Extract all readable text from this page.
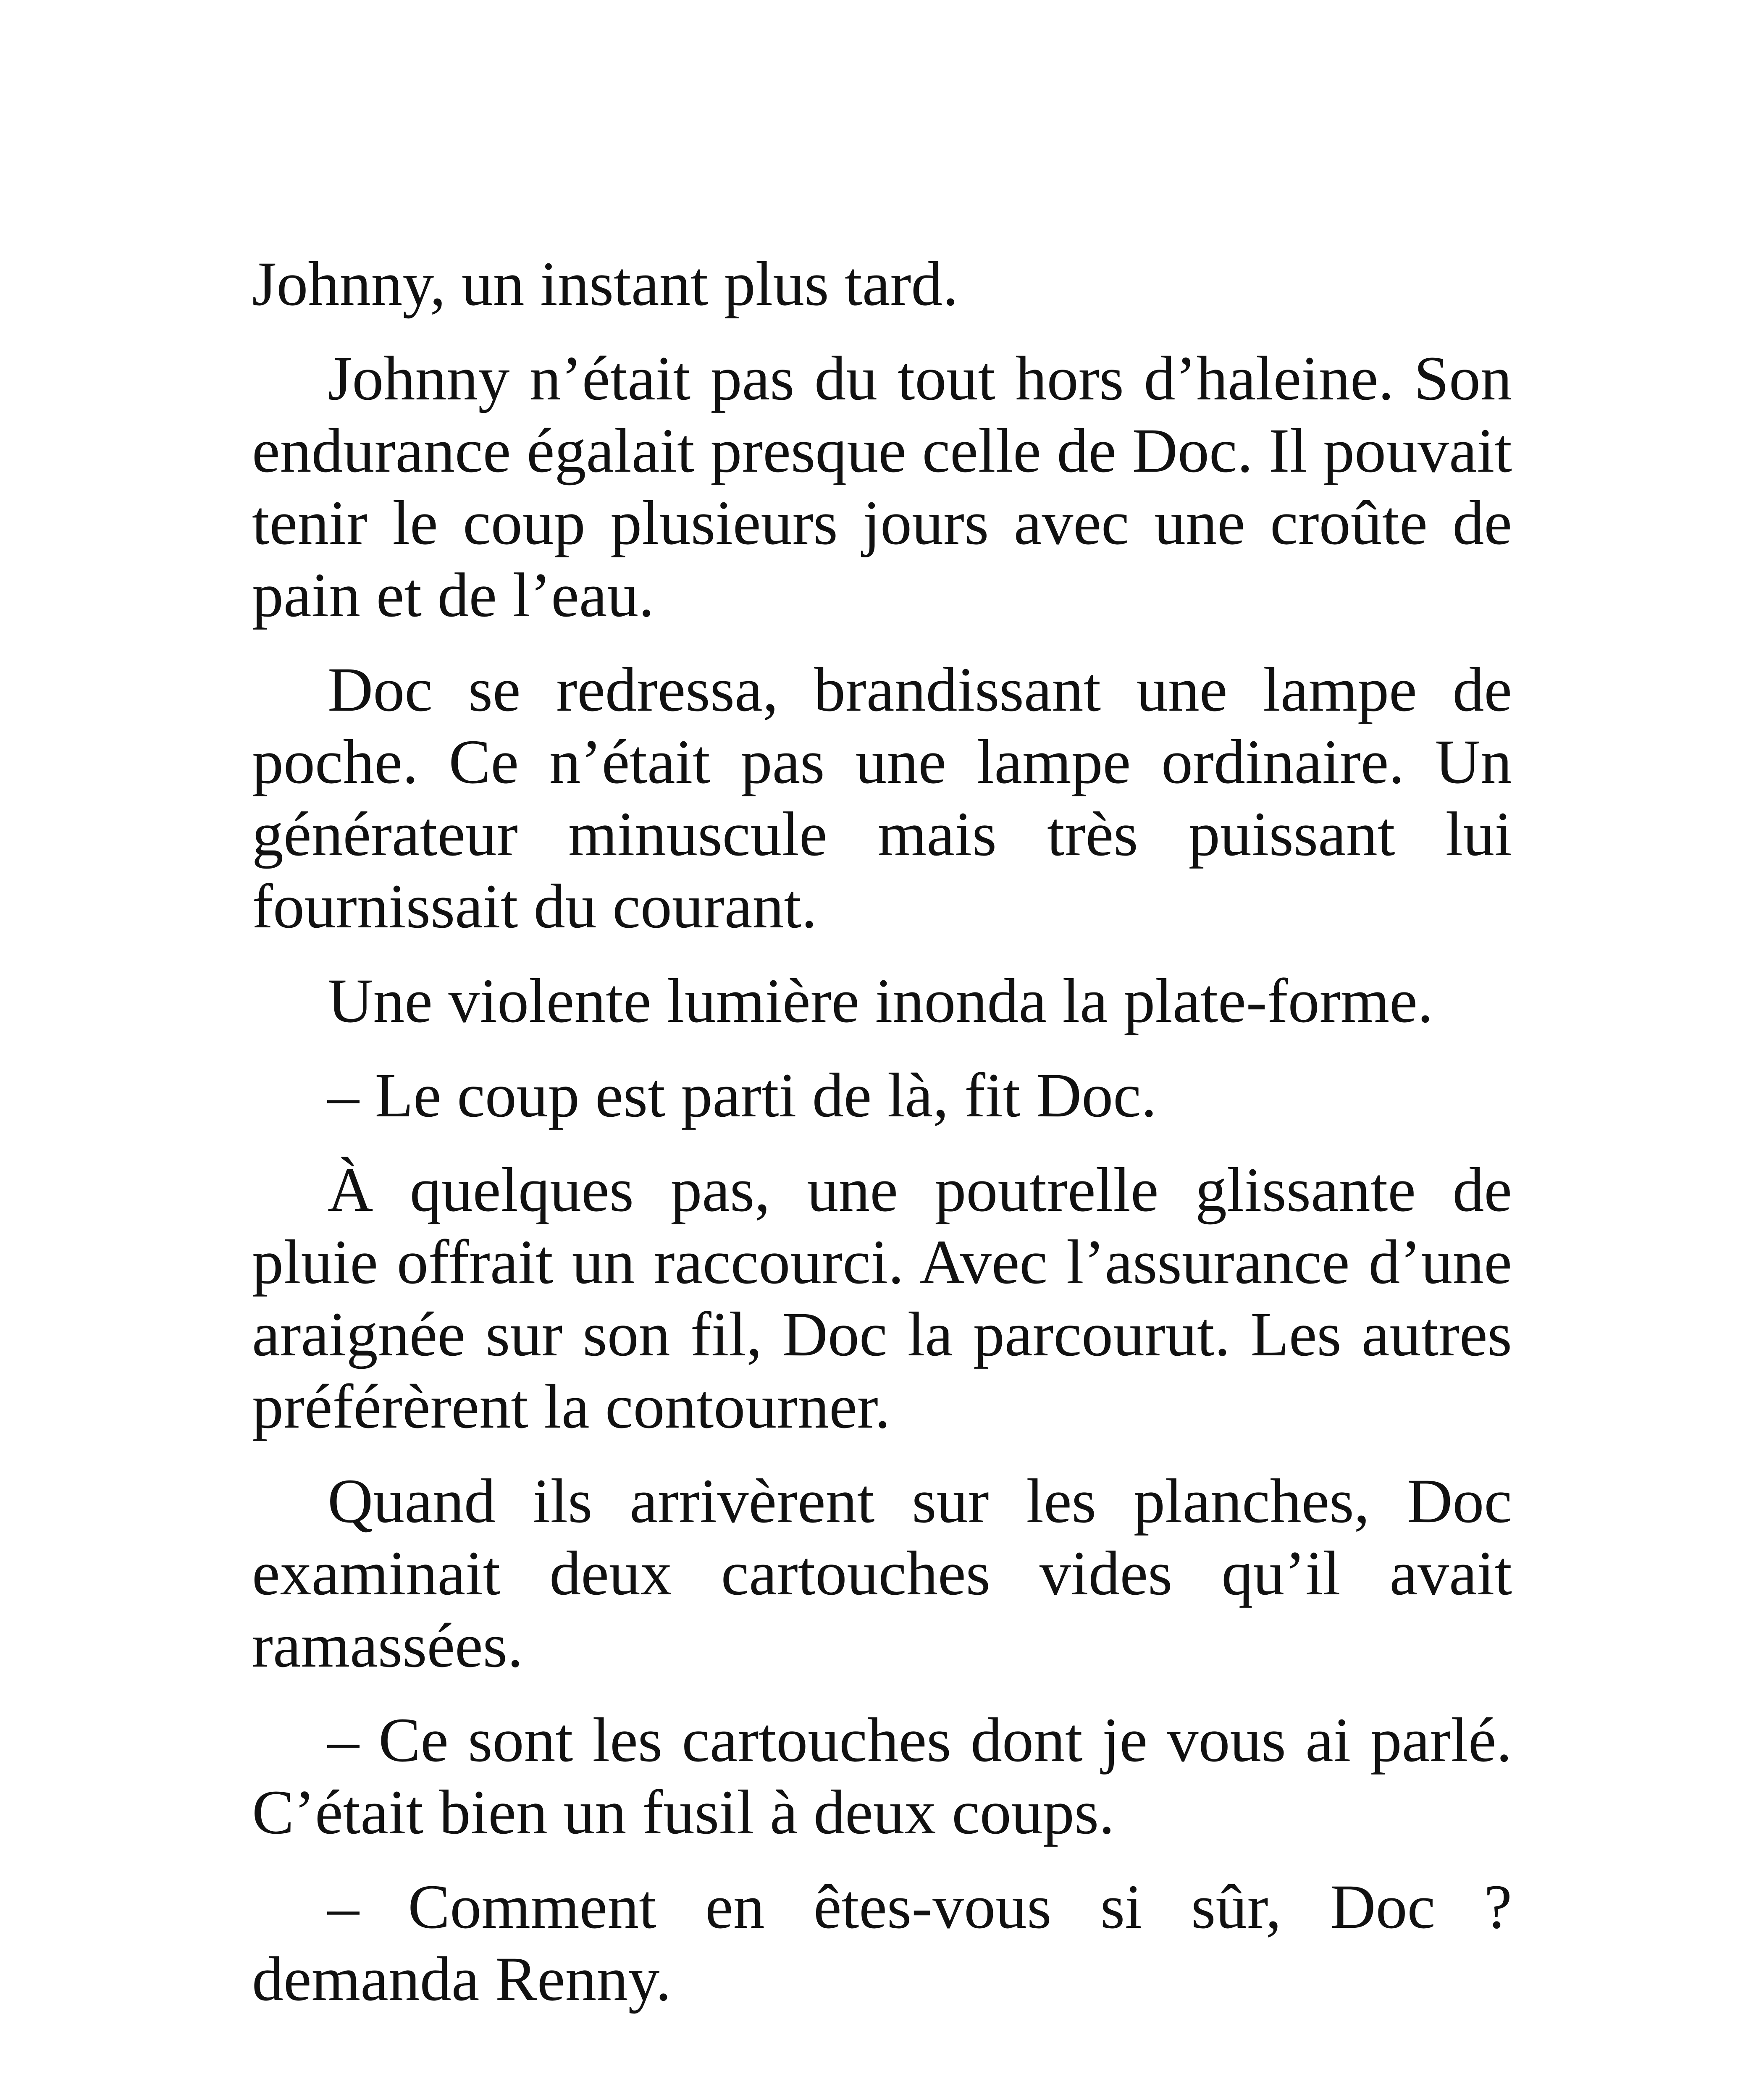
Johnny, un instant plus tard.

Johnny n’était pas du tout hors d’haleine. Son endurance égalait presque celle de Doc. Il pouvait tenir le coup plusieurs jours avec une croûte de pain et de l’eau.

Doc se redressa, brandissant une lampe de poche. Ce n’était pas une lampe ordinaire. Un générateur minuscule mais très puissant lui fournissait du courant.

Une violente lumière inonda la plate-forme.

– Le coup est parti de là, fit Doc.

À quelques pas, une poutrelle glissante de pluie offrait un raccourci. Avec l’assurance d’une araignée sur son fil, Doc la parcourut. Les autres préférèrent la contourner.

Quand ils arrivèrent sur les planches, Doc examinait deux cartouches vides qu’il avait ramassées.

– Ce sont les cartouches dont je vous ai parlé. C’était bien un fusil à deux coups.

– Comment en êtes-vous si sûr, Doc ? demanda Renny.
